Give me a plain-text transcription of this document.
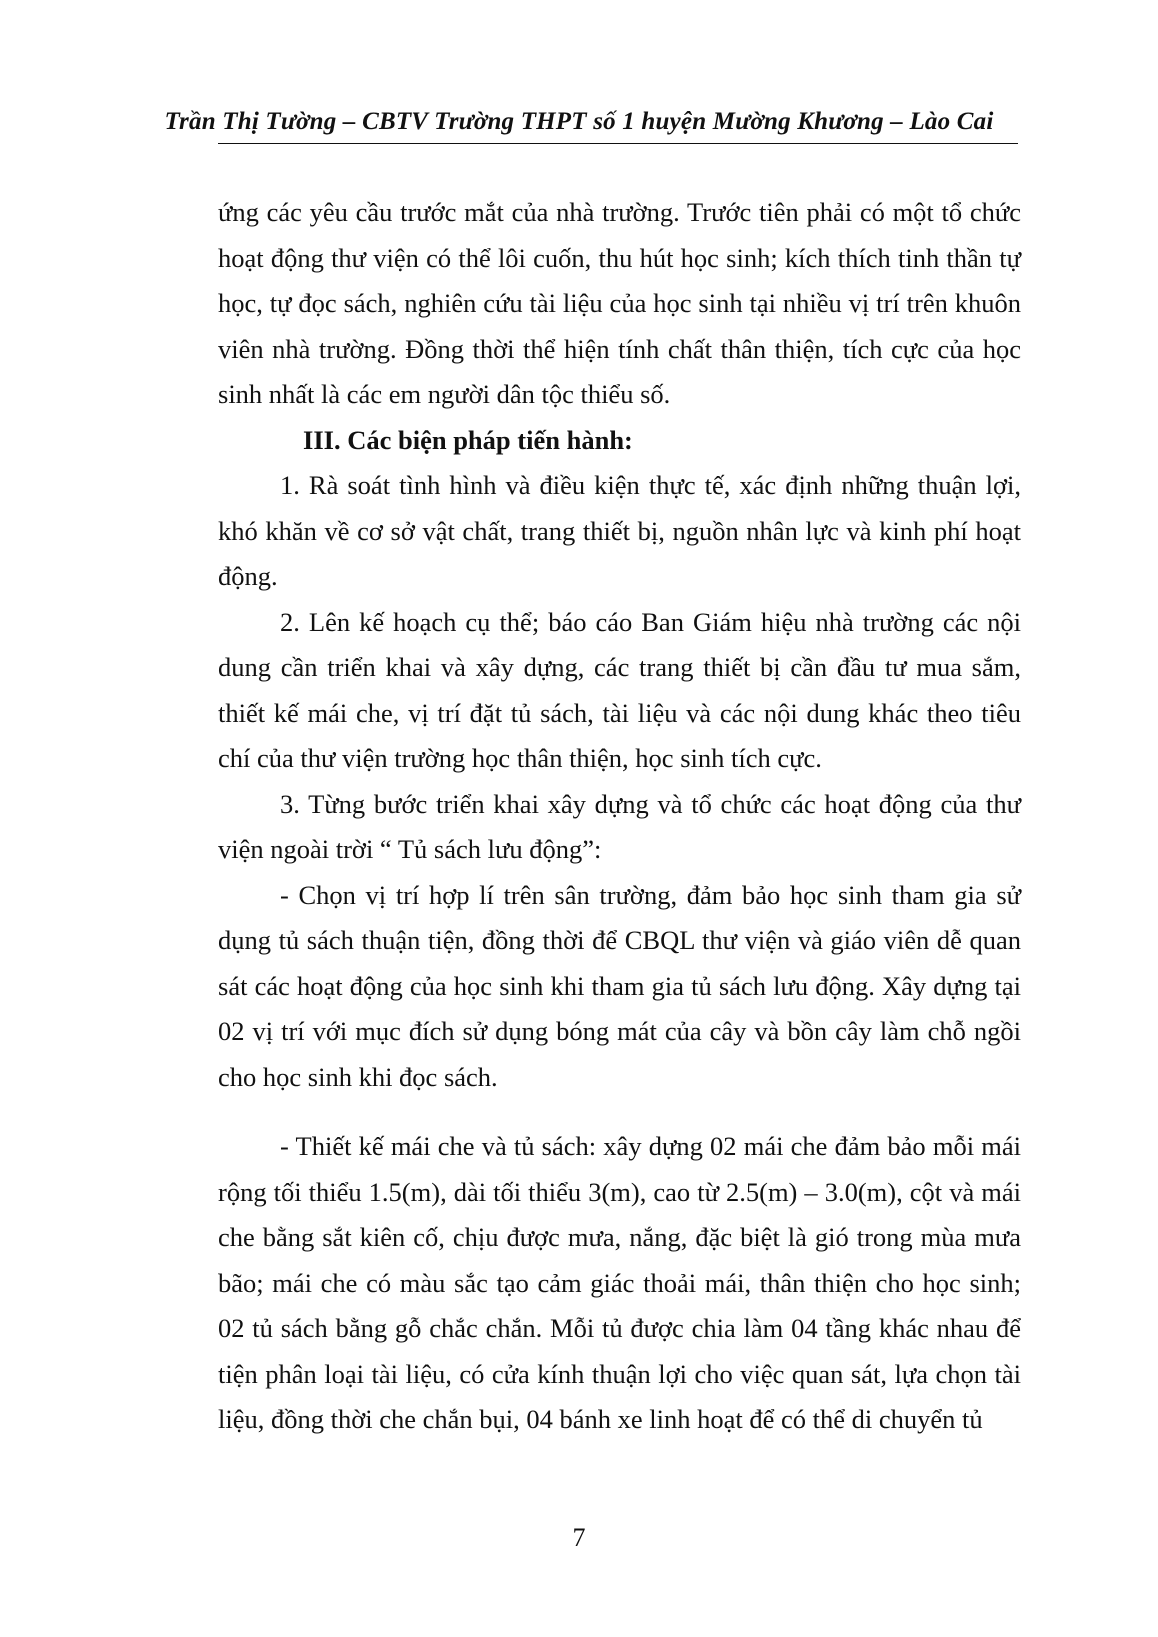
Trần Thị Tường – CBTV Trường THPT số 1 huyện Mường Khương – Lào Cai

ứng các yêu cầu trước mắt của nhà trường. Trước tiên phải có một tổ chức hoạt động thư viện có thể lôi cuốn, thu hút học sinh; kích thích tinh thần tự học, tự đọc sách, nghiên cứu tài liệu của học sinh tại nhiều vị trí trên khuôn viên nhà trường. Đồng thời thể hiện tính chất thân thiện, tích cực của học sinh nhất là các em người dân tộc thiểu số.

III. Các biện pháp tiến hành:

1. Rà soát tình hình và điều kiện thực tế, xác định những thuận lợi, khó khăn về cơ sở vật chất, trang thiết bị, nguồn nhân lực và kinh phí hoạt động.

2. Lên kế hoạch cụ thể; báo cáo Ban Giám hiệu nhà trường các nội dung cần triển khai và xây dựng, các trang thiết bị cần đầu tư mua sắm, thiết kế mái che, vị trí đặt tủ sách, tài liệu và các nội dung khác theo tiêu chí của thư viện trường học thân thiện, học sinh tích cực.

3. Từng bước triển khai xây dựng và tổ chức các hoạt động của thư viện ngoài trời “ Tủ sách lưu động”:

- Chọn vị trí hợp lí trên sân trường, đảm bảo học sinh tham gia sử dụng tủ sách thuận tiện, đồng thời để CBQL thư viện và giáo viên dễ quan sát các hoạt động của học sinh khi tham gia tủ sách lưu động. Xây dựng tại 02 vị trí với mục đích sử dụng bóng mát của cây và bồn cây làm chỗ ngồi cho học sinh khi đọc sách.

- Thiết kế mái che và tủ sách: xây dựng 02 mái che đảm bảo mỗi mái rộng tối thiểu 1.5(m), dài tối thiểu 3(m), cao từ 2.5(m) – 3.0(m), cột và mái che bằng sắt kiên cố, chịu được mưa, nắng, đặc biệt là gió trong mùa mưa bão; mái che có màu sắc tạo cảm giác thoải mái, thân thiện cho học sinh; 02 tủ sách bằng gỗ chắc chắn. Mỗi tủ được chia làm 04 tầng khác nhau để tiện phân loại tài liệu, có cửa kính thuận lợi cho việc quan sát, lựa chọn tài liệu, đồng thời che chắn bụi, 04 bánh xe linh hoạt để có thể di chuyển tủ

7
